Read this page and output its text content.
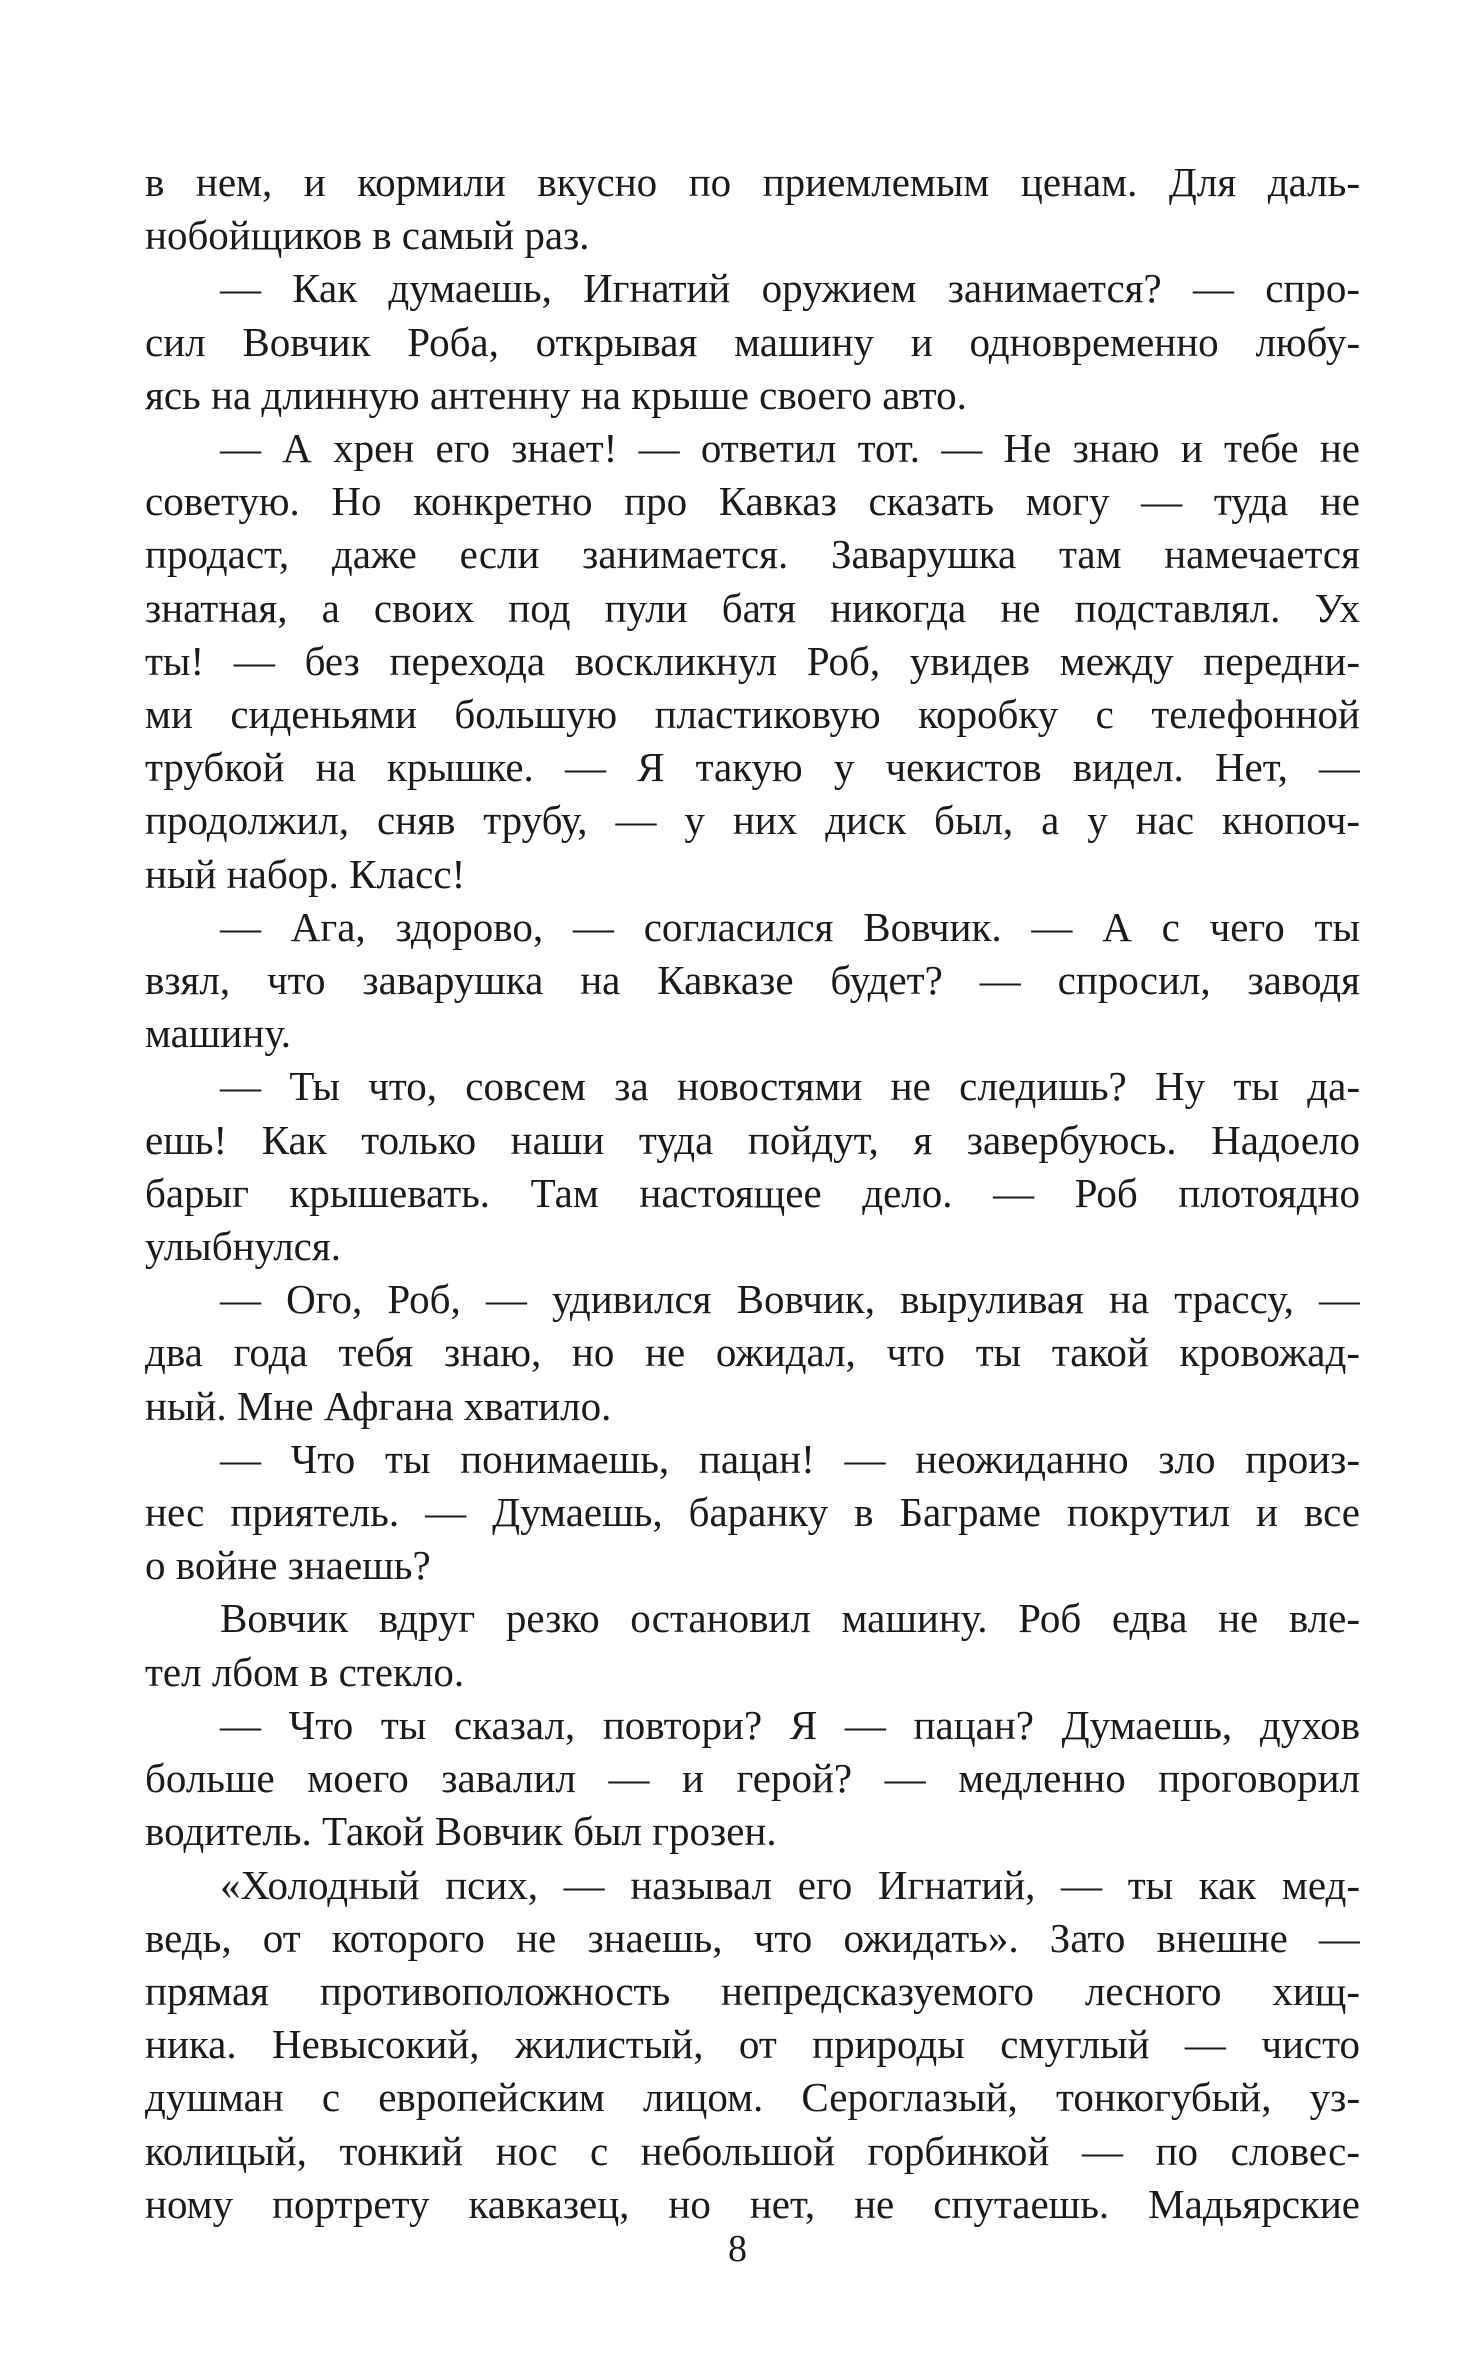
в нем, и кормили вкусно по приемлемым ценам. Для даль-
нобойщиков в самый раз.
— Как думаешь, Игнатий оружием занимается? — спро-
сил Вовчик Роба, открывая машину и одновременно любу-
ясь на длинную антенну на крыше своего авто.
— А хрен его знает! — ответил тот. — Не знаю и тебе не
советую. Но конкретно про Кавказ сказать могу — туда не
продаст, даже если занимается. Заварушка там намечается
знатная, а своих под пули батя никогда не подставлял. Ух
ты! — без перехода воскликнул Роб, увидев между передни-
ми сиденьями большую пластиковую коробку с телефонной
трубкой на крышке. — Я такую у чекистов видел. Нет, —
продолжил, сняв трубу, — у них диск был, а у нас кнопоч-
ный набор. Класс!
— Ага, здорово, — согласился Вовчик. — А с чего ты
взял, что заварушка на Кавказе будет? — спросил, заводя
машину.
— Ты что, совсем за новостями не следишь? Ну ты да-
ешь! Как только наши туда пойдут, я завербуюсь. Надоело
барыг крышевать. Там настоящее дело. — Роб плотоядно
улыбнулся.
— Ого, Роб, — удивился Вовчик, выруливая на трассу, —
два года тебя знаю, но не ожидал, что ты такой кровожад-
ный. Мне Афгана хватило.
— Что ты понимаешь, пацан! — неожиданно зло произ-
нес приятель. — Думаешь, баранку в Баграме покрутил и все
о войне знаешь?
Вовчик вдруг резко остановил машину. Роб едва не вле-
тел лбом в стекло.
— Что ты сказал, повтори? Я — пацан? Думаешь, духов
больше моего завалил — и герой? — медленно проговорил
водитель. Такой Вовчик был грозен.
«Холодный псих, — называл его Игнатий, — ты как мед-
ведь, от которого не знаешь, что ожидать». Зато внешне —
прямая противоположность непредсказуемого лесного хищ-
ника. Невысокий, жилистый, от природы смуглый — чисто
душман с европейским лицом. Сероглазый, тонкогубый, уз-
колицый, тонкий нос с небольшой горбинкой — по словес-
ному портрету кавказец, но нет, не спутаешь. Мадьярские
8
